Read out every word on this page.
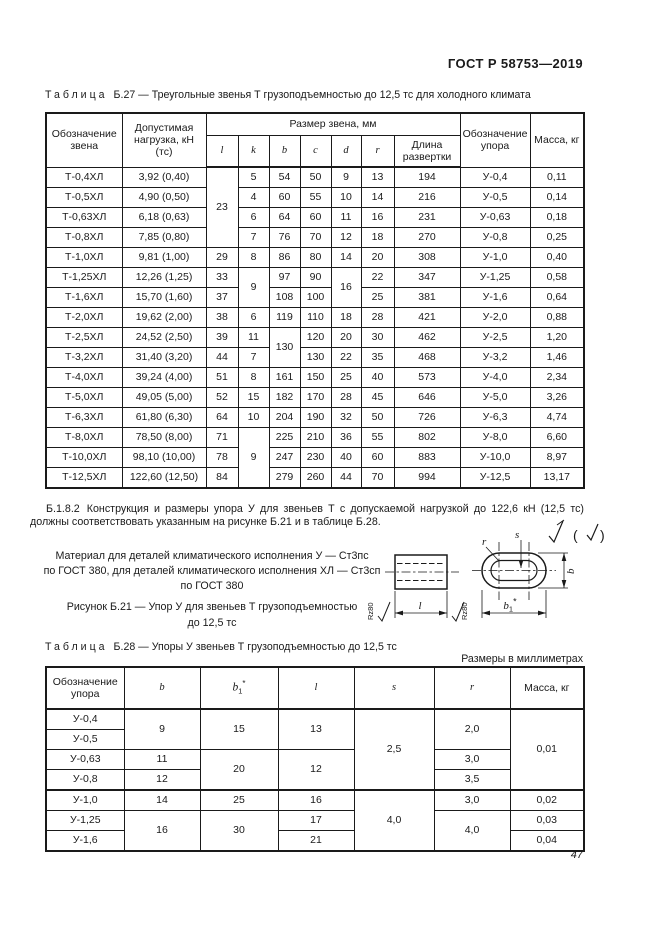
ГОСТ Р 58753—2019
Таблица Б.27 — Треугольные звенья Т грузоподъемностью до 12,5 тс для холодного климата
Обозначение звена	Допустимая нагрузка, кН (тс)	Размер звена, мм							Обозначение упора	Масса, кг
		l	k	b	c	d	r	Длина развертки		
Т-0,4ХЛ	3,92 (0,40)	23	5	54	50	9	13	194	У-0,4	0,11
Т-0,5ХЛ	4,90 (0,50)		4	60	55	10	14	216	У-0,5	0,14
Т-0,63ХЛ	6,18 (0,63)		6	64	60	11	16	231	У-0,63	0,18
Т-0,8ХЛ	7,85 (0,80)		7	76	70	12	18	270	У-0,8	0,25
Т-1,0ХЛ	9,81 (1,00)	29	8	86	80	14	20	308	У-1,0	0,40
Т-1,25ХЛ	12,26 (1,25)	33	9	97	90	16	22	347	У-1,25	0,58
Т-1,6ХЛ	15,70 (1,60)	37		108	100		25	381	У-1,6	0,64
Т-2,0ХЛ	19,62 (2,00)	38	6	119	110	18	28	421	У-2,0	0,88
Т-2,5ХЛ	24,52 (2,50)	39	11	130	120	20	30	462	У-2,5	1,20
Т-3,2ХЛ	31,40 (3,20)	44	7		130	22	35	468	У-3,2	1,46
Т-4,0ХЛ	39,24 (4,00)	51	8	161	150	25	40	573	У-4,0	2,34
Т-5,0ХЛ	49,05 (5,00)	52	15	182	170	28	45	646	У-5,0	3,26
Т-6,3ХЛ	61,80 (6,30)	64	10	204	190	32	50	726	У-6,3	4,74
Т-8,0ХЛ	78,50 (8,00)	71	9	225	210	36	55	802	У-8,0	6,60
Т-10,0ХЛ	98,10 (10,00)	78		247	230	40	60	883	У-10,0	8,97
Т-12,5ХЛ	122,60 (12,50)	84		279	260	44	70	994	У-12,5	13,17

Б.1.8.2 Конструкция и размеры упора У для звеньев Т с допускаемой нагрузкой до 122,6 кН (12,5 тс) должны соответствовать указанным на рисунке Б.21 и в таблице Б.28.

Материал для деталей климатического исполнения У — Ст3пс
по ГОСТ 380, для деталей климатического исполнения ХЛ — Ст3сп
по ГОСТ 380
Рисунок Б.21 — Упор У для звеньев Т грузоподъемностью
до 12,5 тс
( )
l
Rz80	Rz80
r
s
b
b1*
Таблица Б.28 — Упоры У звеньев Т грузоподъемностью до 12,5 тс
Размеры в миллиметрах
Обозначение упора	b	$b_1^*$	l	s	r	Масса, кг
У-0,4	9	15	13	2,5	2,0	0,01
У-0,5						
У-0,63	11	20	12		3,0	
У-0,8	12				3,5	
У-1,0	14	25	16	4,0	3,0	0,02
У-1,25	16	30	17		4,0	0,03
У-1,6			21			0,04
47
